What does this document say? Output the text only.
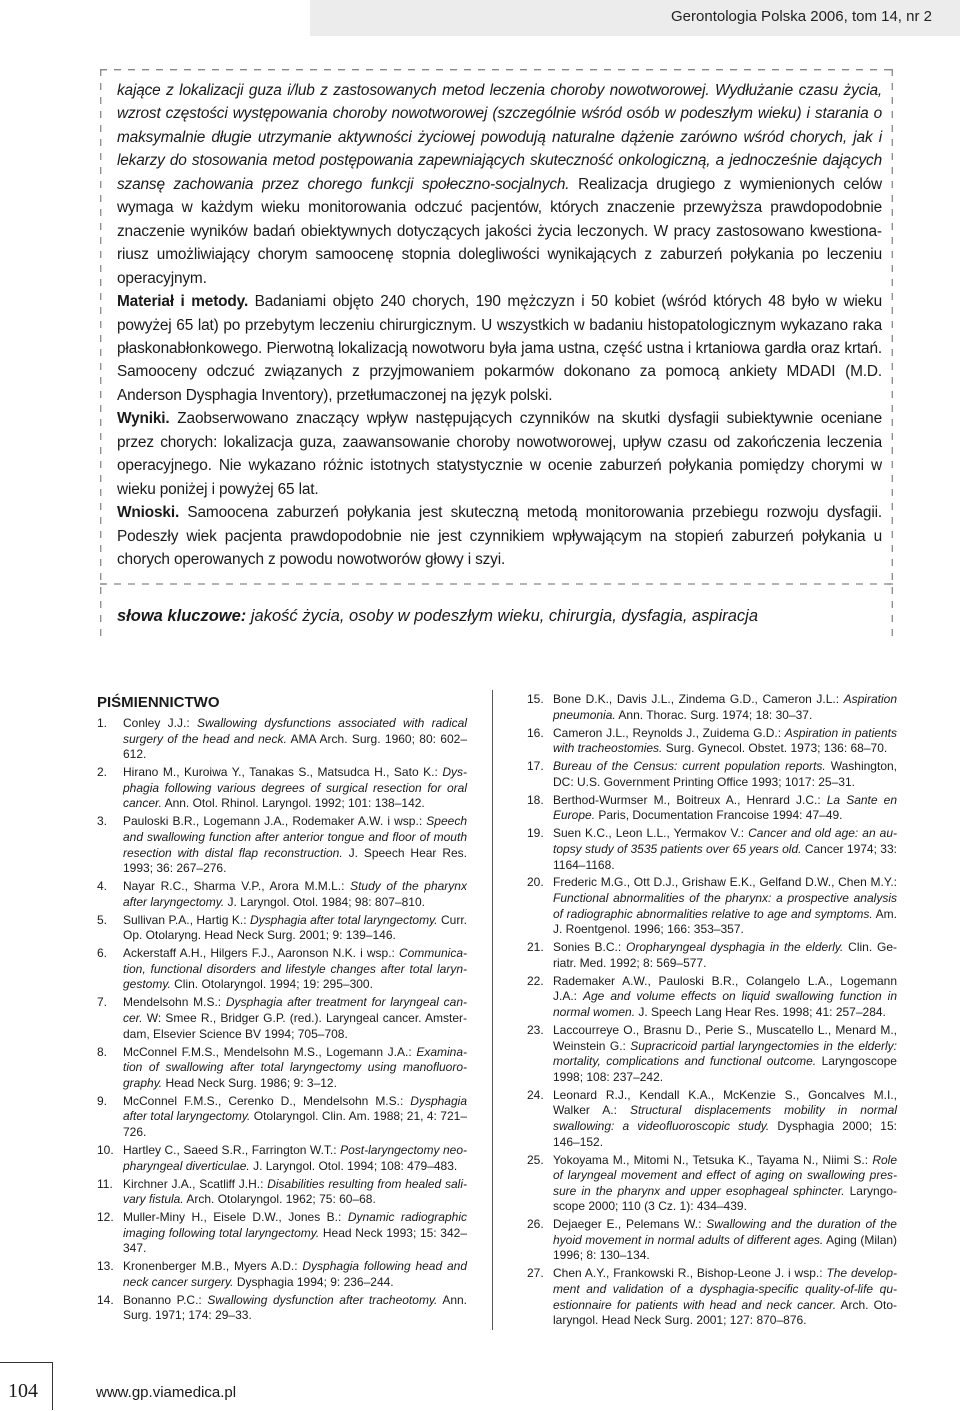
Gerontologia Polska 2006, tom 14, nr 2

kające z lokalizacji guza i/lub z zastosowanych metod leczenia choroby nowotworowej. Wydłużanie czasu życia, wzrost częstości występowania choroby nowotworowej (szczególnie wśród osób w podeszłym wieku) i starania o maksymalnie długie utrzymanie aktywności życiowej powodują naturalne dążenie zarówno wśród chorych, jak i lekarzy do stosowania metod postępowania zapewniających skuteczność onkologiczną, a jednocześnie dających szansę zachowania przez chorego funkcji społeczno-socjalnych. Realizacja drugiego z wymienionych celów wymaga w każdym wieku monitorowania odczuć pacjentów, których znaczenie przewyższa prawdopodobnie znaczenie wyników badań obiektywnych dotyczących jakości życia leczonych. W pracy zastosowano kwestionariusz umożliwiający chorym samoocenę stopnia dolegliwości wynikających z zaburzeń połykania po leczeniu operacyjnym.

Materiał i metody. Badaniami objęto 240 chorych, 190 mężczyzn i 50 kobiet (wśród których 48 było w wieku powyżej 65 lat) po przebytym leczeniu chirurgicznym. U wszystkich w badaniu histopatologicznym wykazano raka płaskonabłonkowego. Pierwotną lokalizacją nowotworu była jama ustna, część ustna i krtaniowa gardła oraz krtań. Samooceny odczuć związanych z przyjmowaniem pokarmów dokonano za pomocą ankiety MDADI (M.D. Anderson Dysphagia Inventory), przetłumaczonej na język polski.

Wyniki. Zaobserwowano znaczący wpływ następujących czynników na skutki dysfagii subiektywnie oceniane przez chorych: lokalizacja guza, zaawansowanie choroby nowotworowej, upływ czasu od zakończenia leczenia operacyjnego. Nie wykazano różnic istotnych statystycznie w ocenie zaburzeń połykania pomiędzy chorymi w wieku poniżej i powyżej 65 lat.

Wnioski. Samoocena zaburzeń połykania jest skuteczną metodą monitorowania przebiegu rozwoju dysfagii. Podeszły wiek pacjenta prawdopodobnie nie jest czynnikiem wpływającym na stopień zaburzeń połykania u chorych operowanych z powodu nowotworów głowy i szyi.

słowa kluczowe: jakość życia, osoby w podeszłym wieku, chirurgia, dysfagia, aspiracja
PIŚMIENNICTWO
1. Conley J.J.: Swallowing dysfunctions associated with radical surgery of the head and neck. AMA Arch. Surg. 1960; 80: 602–612.
2. Hirano M., Kuroiwa Y., Tanakas S., Matsudca H., Sato K.: Dysphagia following various degrees of surgical resection for oral cancer. Ann. Otol. Rhinol. Laryngol. 1992; 101: 138–142.
3. Pauloski B.R., Logemann J.A., Rodemaker A.W. i wsp.: Speech and swallowing function after anterior tongue and floor of mouth resection with distal flap reconstruction. J. Speech Hear Res. 1993; 36: 267–276.
4. Nayar R.C., Sharma V.P., Arora M.M.L.: Study of the pharynx after laryngectomy. J. Laryngol. Otol. 1984; 98: 807–810.
5. Sullivan P.A., Hartig K.: Dysphagia after total laryngectomy. Curr. Op. Otolaryng. Head Neck Surg. 2001; 9: 139–146.
6. Ackerstaff A.H., Hilgers F.J., Aaronson N.K. i wsp.: Communication, functional disorders and lifestyle changes after total laryngestomy. Clin. Otolaryngol. 1994; 19: 295–300.
7. Mendelsohn M.S.: Dysphagia after treatment for laryngeal cancer. W: Smee R., Bridger G.P. (red.). Laryngeal cancer. Amsterdam, Elsevier Science BV 1994; 705–708.
8. McConnel F.M.S., Mendelsohn M.S., Logemann J.A.: Examination of swallowing after total laryngectomy using manofluorography. Head Neck Surg. 1986; 9: 3–12.
9. McConnel F.M.S., Cerenko D., Mendelsohn M.S.: Dysphagia after total laryngectomy. Otolaryngol. Clin. Am. 1988; 21, 4: 721–726.
10. Hartley C., Saeed S.R., Farrington W.T.: Post-laryngectomy neopharyngeal diverticulae. J. Laryngol. Otol. 1994; 108: 479–483.
11. Kirchner J.A., Scatliff J.H.: Disabilities resulting from healed salivary fistula. Arch. Otolaryngol. 1962; 75: 60–68.
12. Muller-Miny H., Eisele D.W., Jones B.: Dynamic radiographic imaging following total laryngectomy. Head Neck 1993; 15: 342–347.
13. Kronenberger M.B., Myers A.D.: Dysphagia following head and neck cancer surgery. Dysphagia 1994; 9: 236–244.
14. Bonanno P.C.: Swallowing dysfunction after tracheotomy. Ann. Surg. 1971; 174: 29–33.
15. Bone D.K., Davis J.L., Zindema G.D., Cameron J.L.: Aspiration pneumonia. Ann. Thorac. Surg. 1974; 18: 30–37.
16. Cameron J.L., Reynolds J., Zuidema G.D.: Aspiration in patients with tracheostomies. Surg. Gynecol. Obstet. 1973; 136: 68–70.
17. Bureau of the Census: current population reports. Washington, DC: U.S. Government Printing Office 1993; 1017: 25–31.
18. Berthod-Wurmser M., Boitreux A., Henrard J.C.: La Sante en Europe. Paris, Documentation Francoise 1994: 47–49.
19. Suen K.C., Leon L.L., Yermakov V.: Cancer and old age: an autopsy study of 3535 patients over 65 years old. Cancer 1974; 33: 1164–1168.
20. Frederic M.G., Ott D.J., Grishaw E.K., Gelfand D.W., Chen M.Y.: Functional abnormalities of the pharynx: a prospective analysis of radiographic abnormalities relative to age and symptoms. Am. J. Roentgenol. 1996; 166: 353–357.
21. Sonies B.C.: Oropharyngeal dysphagia in the elderly. Clin. Geriatr. Med. 1992; 8: 569–577.
22. Rademaker A.W., Pauloski B.R., Colangelo L.A., Logemann J.A.: Age and volume effects on liquid swallowing function in normal women. J. Speech Lang Hear Res. 1998; 41: 257–284.
23. Laccourreye O., Brasnu D., Perie S., Muscatello L., Menard M., Weinstein G.: Supracricoid partial laryngectomies in the elderly: mortality, complications and functional outcome. Laryngoscope 1998; 108: 237–242.
24. Leonard R.J., Kendall K.A., McKenzie S., Goncalves M.I., Walker A.: Structural displacements mobility in normal swallowing: a videofluoroscopic study. Dysphagia 2000; 15: 146–152.
25. Yokoyama M., Mitomi N., Tetsuka K., Tayama N., Niimi S.: Role of laryngeal movement and effect of aging on swallowing pressure in the pharynx and upper esophageal sphincter. Laryngoscope 2000; 110 (3 Cz. 1): 434–439.
26. Dejaeger E., Pelemans W.: Swallowing and the duration of the hyoid movement in normal adults of different ages. Aging (Milan) 1996; 8: 130–134.
27. Chen A.Y., Frankowski R., Bishop-Leone J. i wsp.: The development and validation of a dysphagia-specific quality-of-life questionnaire for patients with head and neck cancer. Arch. Otolaryngol. Head Neck Surg. 2001; 127: 870–876.
104	www.gp.viamedica.pl
